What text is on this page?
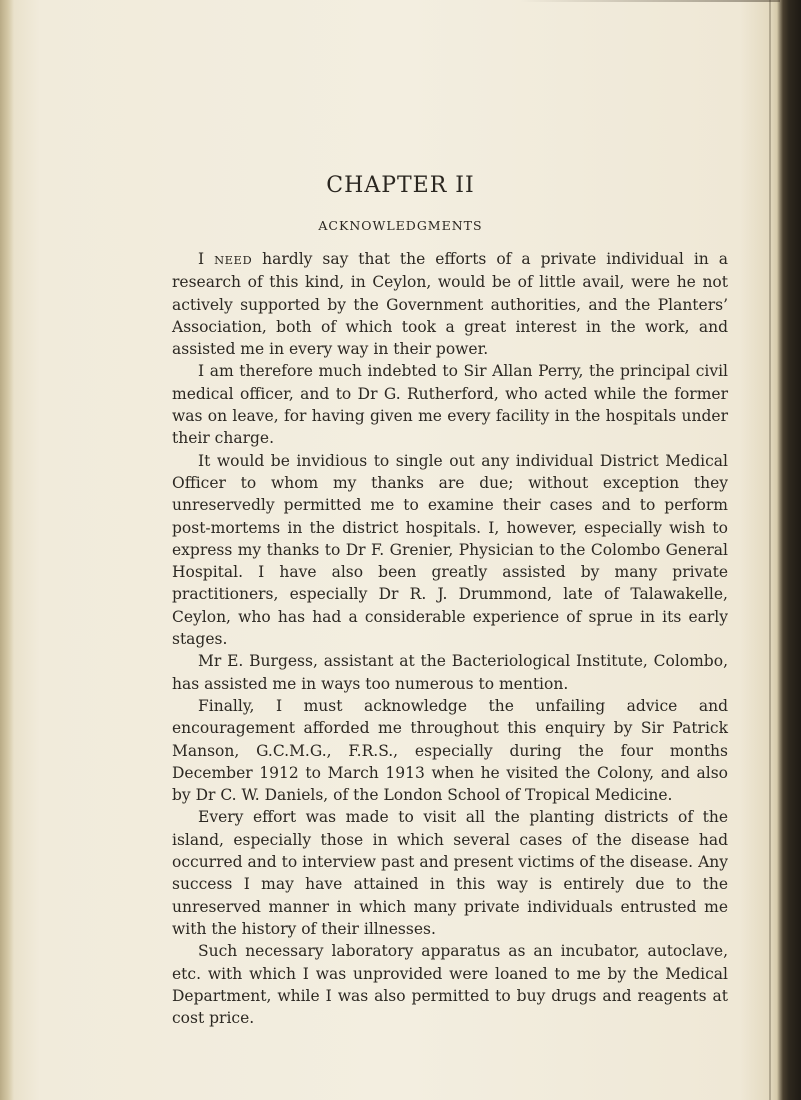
CHAPTER II
ACKNOWLEDGMENTS

I NEED hardly say that the efforts of a private individual in a research of this kind, in Ceylon, would be of little avail, were he not actively supported by the Government authorities, and the Planters’ Association, both of which took a great interest in the work, and assisted me in every way in their power.

I am therefore much indebted to Sir Allan Perry, the principal civil medical officer, and to Dr G. Rutherford, who acted while the former was on leave, for having given me every facility in the hospitals under their charge.

It would be invidious to single out any individual District Medical Officer to whom my thanks are due; without exception they unreservedly permitted me to examine their cases and to perform post-mortems in the district hospitals. I, however, especially wish to express my thanks to Dr F. Grenier, Physician to the Colombo General Hospital. I have also been greatly assisted by many private practitioners, especially Dr R. J. Drummond, late of Talawakelle, Ceylon, who has had a considerable experience of sprue in its early stages.

Mr E. Burgess, assistant at the Bacteriological Institute, Colombo, has assisted me in ways too numerous to mention.

Finally, I must acknowledge the unfailing advice and encouragement afforded me throughout this enquiry by Sir Patrick Manson, G.C.M.G., F.R.S., especially during the four months December 1912 to March 1913 when he visited the Colony, and also by Dr C. W. Daniels, of the London School of Tropical Medicine.

Every effort was made to visit all the planting districts of the island, especially those in which several cases of the disease had occurred and to interview past and present victims of the disease. Any success I may have attained in this way is entirely due to the unreserved manner in which many private individuals entrusted me with the history of their illnesses.

Such necessary laboratory apparatus as an incubator, autoclave, etc. with which I was unprovided were loaned to me by the Medical Department, while I was also permitted to buy drugs and reagents at cost price.
